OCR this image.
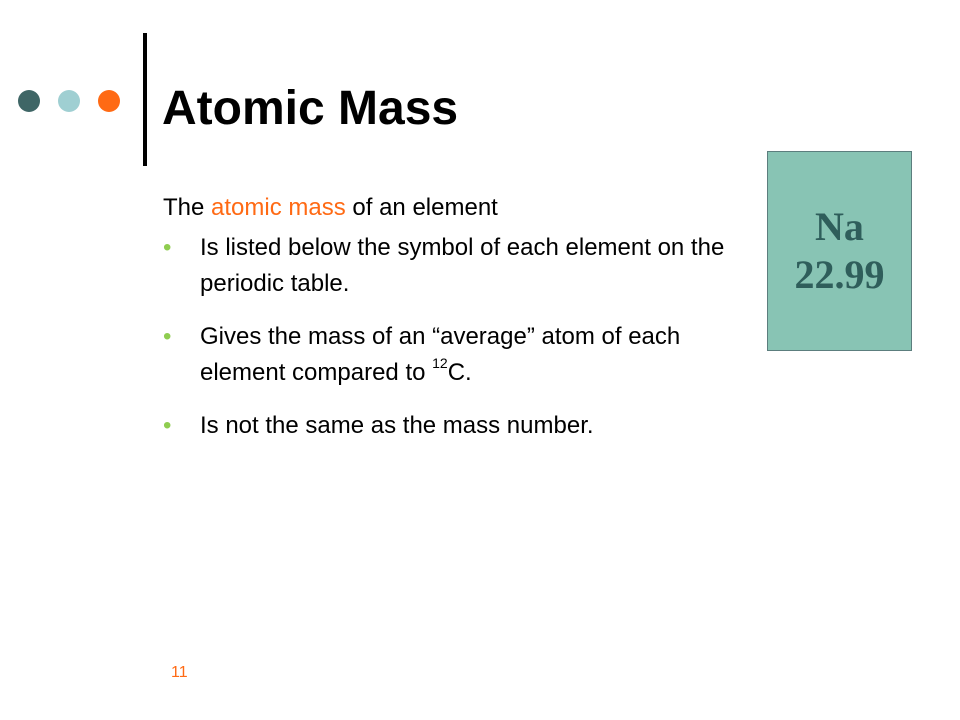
Atomic Mass
The atomic mass of an element
• Is listed below the symbol of each element on the periodic table.
• Gives the mass of an “average” atom of each element compared to $^{12}$C.
• Is not the same as the mass number.
Na
22.99
11
